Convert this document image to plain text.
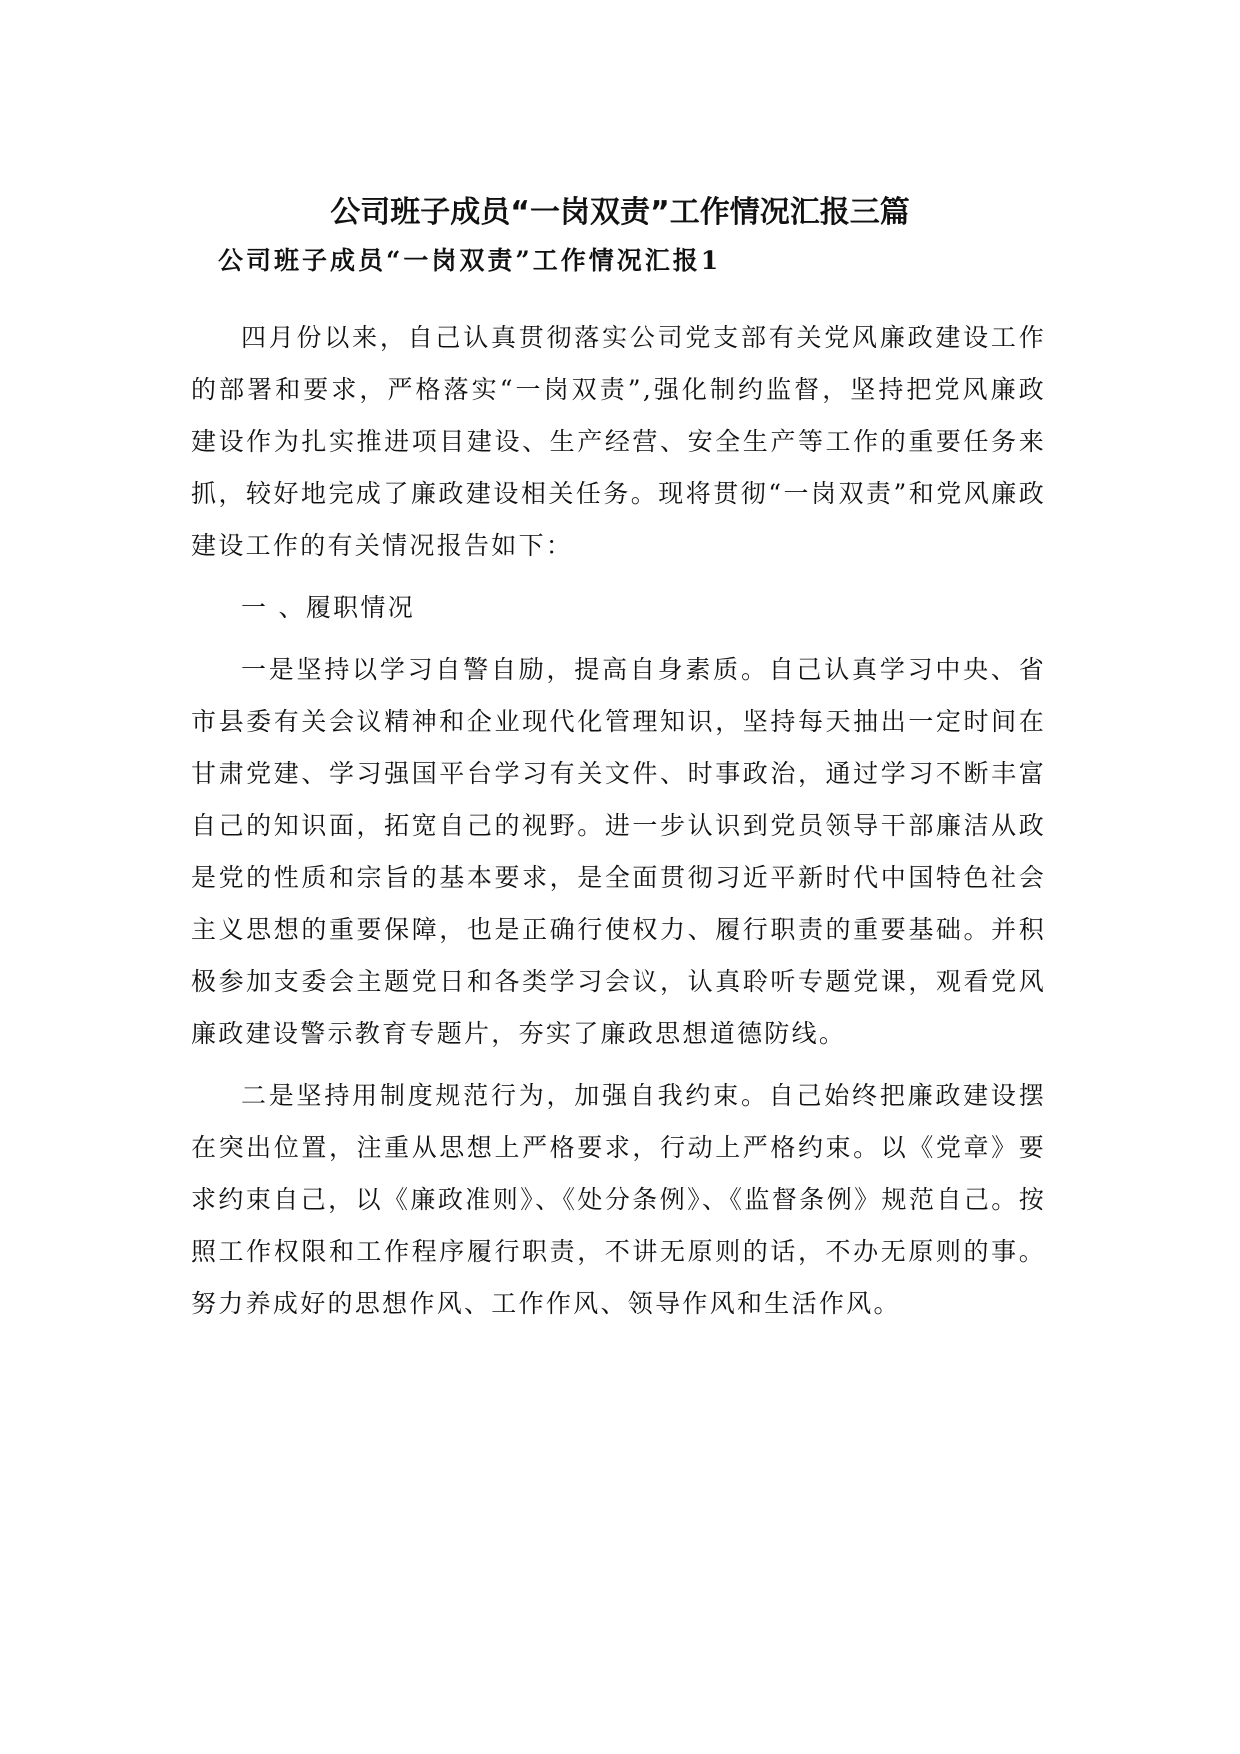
公司班子成员“一岗双责”工作情况汇报三篇
公司班子成员“一岗双责”工作情况汇报1

四月份以来，自己认真贯彻落实公司党支部有关党风廉政建设工作的部署和要求，严格落实“一岗双责”,强化制约监督，坚持把党风廉政建设作为扎实推进项目建设、生产经营、安全生产等工作的重要任务来抓，较好地完成了廉政建设相关任务。现将贯彻“一岗双责”和党风廉政建设工作的有关情况报告如下：

一 、履职情况

一是坚持以学习自警自励，提高自身素质。自己认真学习中央、省市县委有关会议精神和企业现代化管理知识，坚持每天抽出一定时间在甘肃党建、学习强国平台学习有关文件、时事政治，通过学习不断丰富自己的知识面，拓宽自己的视野。进一步认识到党员领导干部廉洁从政是党的性质和宗旨的基本要求，是全面贯彻习近平新时代中国特色社会主义思想的重要保障，也是正确行使权力、履行职责的重要基础。并积极参加支委会主题党日和各类学习会议，认真聆听专题党课，观看党风廉政建设警示教育专题片，夯实了廉政思想道德防线。

二是坚持用制度规范行为，加强自我约束。自己始终把廉政建设摆在突出位置，注重从思想上严格要求，行动上严格约束。以《党章》要求约束自己，以《廉政准则》、《处分条例》、《监督条例》规范自己。按照工作权限和工作程序履行职责，不讲无原则的话，不办无原则的事。努力养成好的思想作风、工作作风、领导作风和生活作风。
